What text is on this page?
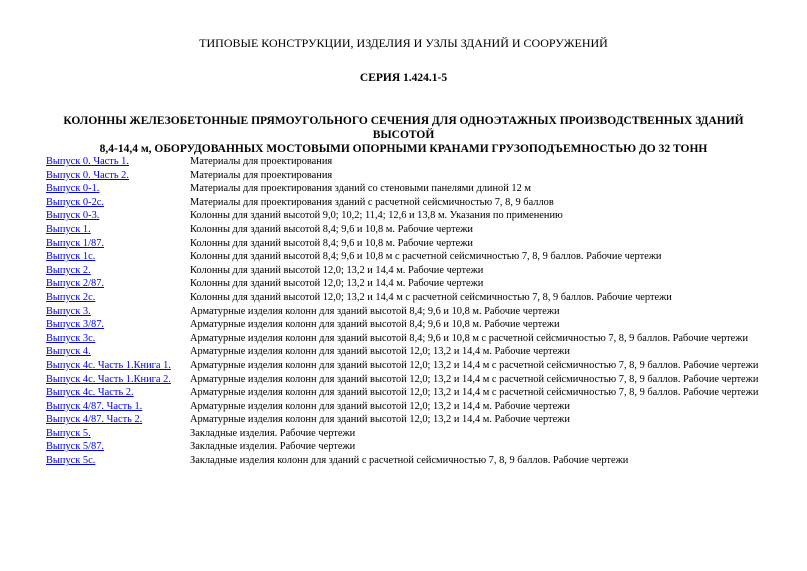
ТИПОВЫЕ КОНСТРУКЦИИ, ИЗДЕЛИЯ И УЗЛЫ ЗДАНИЙ И СООРУЖЕНИЙ
СЕРИЯ 1.424.1-5
КОЛОННЫ ЖЕЛЕЗОБЕТОННЫЕ ПРЯМОУГОЛЬНОГО СЕЧЕНИЯ ДЛЯ ОДНОЭТАЖНЫХ ПРОИЗВОДСТВЕННЫХ ЗДАНИЙ ВЫСОТОЙ
8,4-14,4 м, ОБОРУДОВАННЫХ МОСТОВЫМИ ОПОРНЫМИ КРАНАМИ ГРУЗОПОДЪЕМНОСТЬЮ ДО 32 ТОНН
Выпуск 0. Часть 1.	Материалы для проектирования
Выпуск 0. Часть 2.	Материалы для проектирования
Выпуск 0-1.	Материалы для проектирования зданий со стеновыми панелями длиной 12 м
Выпуск 0-2с.	Материалы для проектирования зданий с расчетной сейсмичностью 7, 8, 9 баллов
Выпуск 0-3.	Колонны для зданий высотой 9,0; 10,2; 11,4; 12,6 и 13,8 м. Указания по применению
Выпуск 1.	Колонны для зданий высотой 8,4; 9,6 и 10,8 м. Рабочие чертежи
Выпуск 1/87.	Колонны для зданий высотой 8,4; 9,6 и 10,8 м. Рабочие чертежи
Выпуск 1с.	Колонны для зданий высотой 8,4; 9,6 и 10,8 м с расчетной сейсмичностью 7, 8, 9 баллов. Рабочие чертежи
Выпуск 2.	Колонны для зданий высотой 12,0; 13,2 и 14,4 м. Рабочие чертежи
Выпуск 2/87.	Колонны для зданий высотой 12,0; 13,2 и 14,4 м. Рабочие чертежи
Выпуск 2с.	Колонны для зданий высотой 12,0; 13,2 и 14,4 м с расчетной сейсмичностью 7, 8, 9 баллов. Рабочие чертежи
Выпуск 3.	Арматурные изделия колонн для зданий высотой 8,4; 9,6 и 10,8 м. Рабочие чертежи
Выпуск 3/87.	Арматурные изделия колонн для зданий высотой 8,4; 9,6 и 10,8 м. Рабочие чертежи
Выпуск 3с.	Арматурные изделия колонн для зданий высотой 8,4; 9,6 и 10,8 м с расчетной сейсмичностью 7, 8, 9 баллов. Рабочие чертежи
Выпуск 4.	Арматурные изделия колонн для зданий высотой 12,0; 13,2 и 14,4 м. Рабочие чертежи
Выпуск 4с. Часть 1.Книга 1.	Арматурные изделия колонн для зданий высотой 12,0; 13,2 и 14,4 м с расчетной сейсмичностью 7, 8, 9 баллов. Рабочие чертежи
Выпуск 4с. Часть 1.Книга 2.	Арматурные изделия колонн для зданий высотой 12,0; 13,2 и 14,4 м с расчетной сейсмичностью 7, 8, 9 баллов. Рабочие чертежи
Выпуск 4с. Часть 2.	Арматурные изделия колонн для зданий высотой 12,0; 13,2 и 14,4 м с расчетной сейсмичностью 7, 8, 9 баллов. Рабочие чертежи
Выпуск 4/87. Часть 1.	Арматурные изделия колонн для зданий высотой 12,0; 13,2 и 14,4 м. Рабочие чертежи
Выпуск 4/87. Часть 2.	Арматурные изделия колонн для зданий высотой 12,0; 13,2 и 14,4 м. Рабочие чертежи
Выпуск 5.	Закладные изделия. Рабочие чертежи
Выпуск 5/87.	Закладные изделия. Рабочие чертежи
Выпуск 5с.	Закладные изделия колонн для зданий с расчетной сейсмичностью 7, 8, 9 баллов. Рабочие чертежи
